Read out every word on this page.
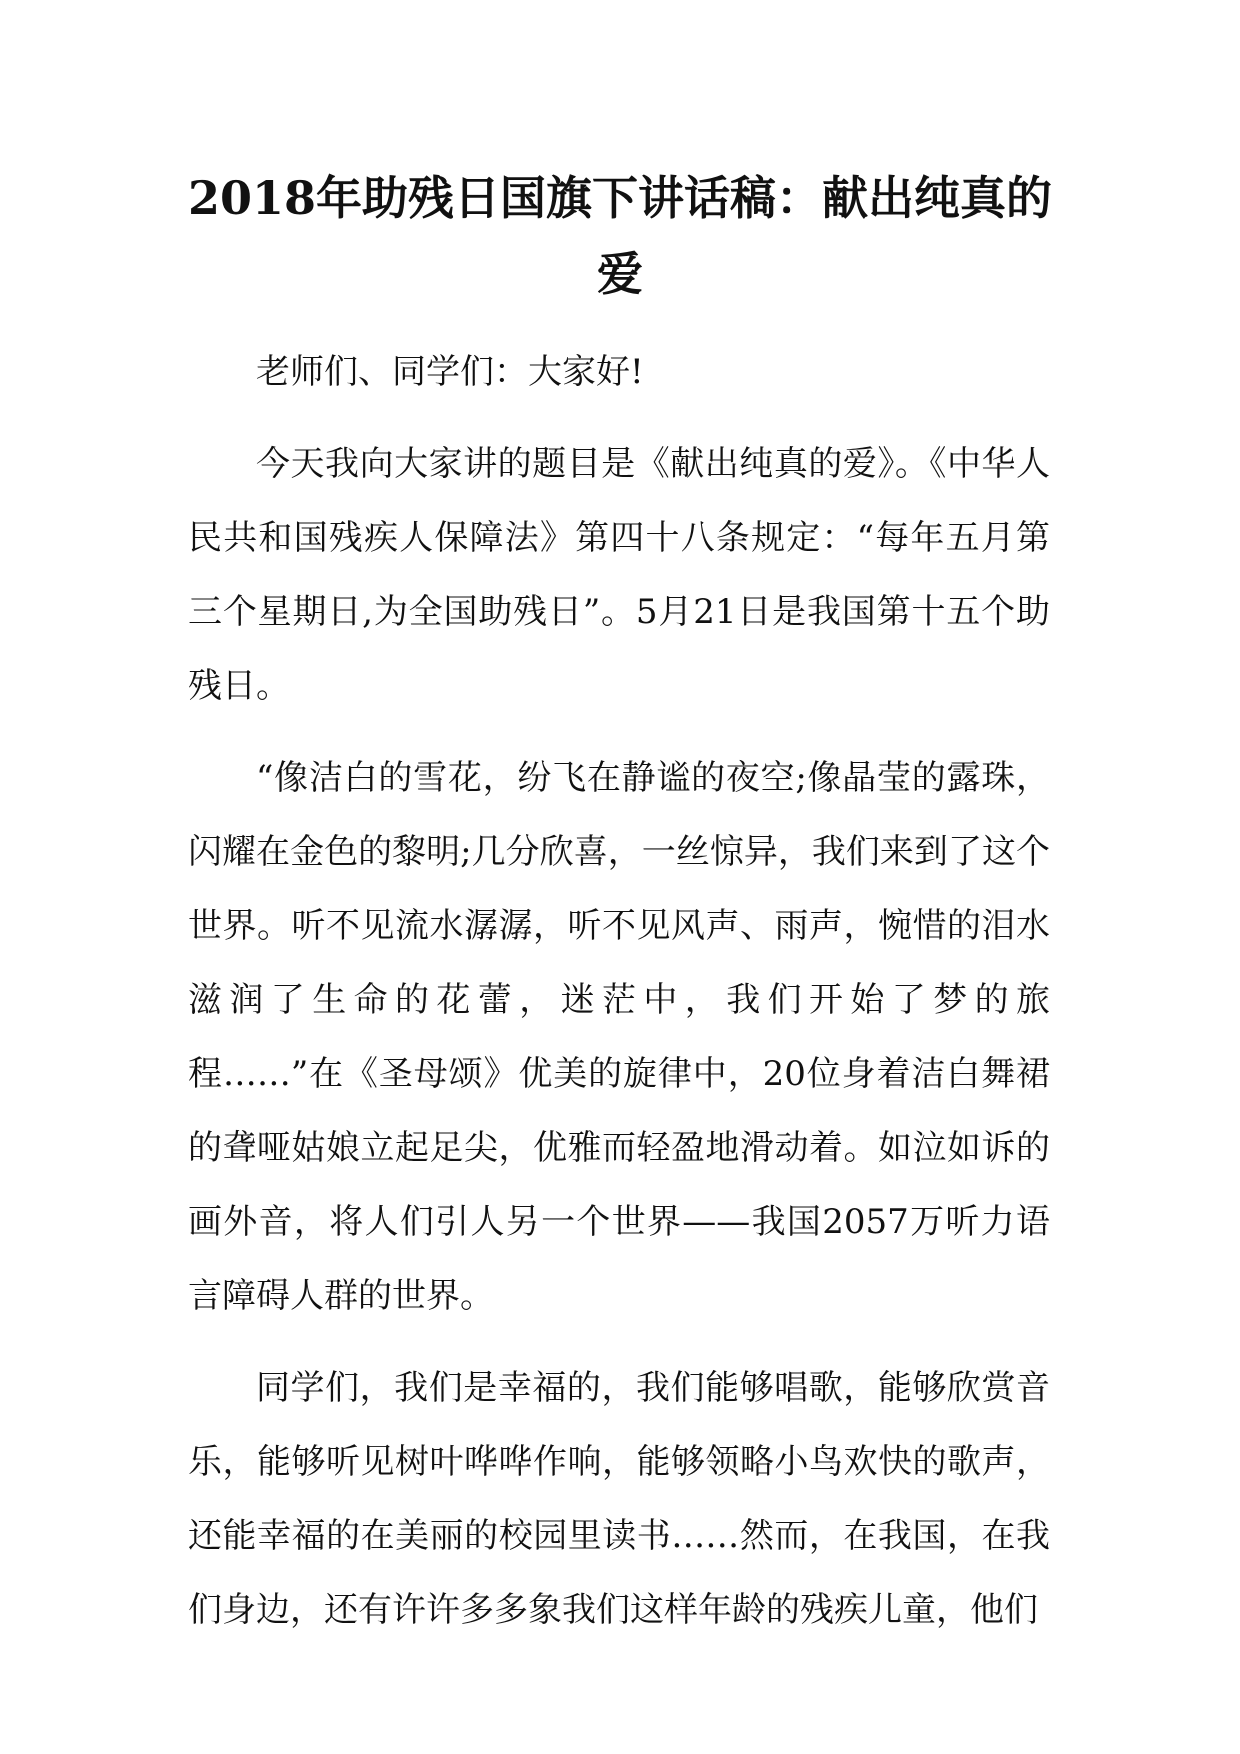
2018年助残日国旗下讲话稿：献出纯真的爱

老师们、同学们：大家好!

今天我向大家讲的题目是《献出纯真的爱》。《中华人民共和国残疾人保障法》第四十八条规定：“每年五月第三个星期日,为全国助残日”。5月21日是我国第十五个助残日。

“像洁白的雪花，纷飞在静谧的夜空;像晶莹的露珠，闪耀在金色的黎明;几分欣喜，一丝惊异，我们来到了这个世界。听不见流水潺潺，听不见风声、雨声，惋惜的泪水滋润了生命的花蕾，迷茫中，我们开始了梦的旅程……”在《圣母颂》优美的旋律中，20位身着洁白舞裙的聋哑姑娘立起足尖，优雅而轻盈地滑动着。如泣如诉的画外音，将人们引人另一个世界——我国2057万听力语言障碍人群的世界。

同学们，我们是幸福的，我们能够唱歌，能够欣赏音乐，能够听见树叶哗哗作响，能够领略小鸟欢快的歌声，还能幸福的在美丽的校园里读书……然而，在我国，在我们身边，还有许许多多象我们这样年龄的残疾儿童，他们
